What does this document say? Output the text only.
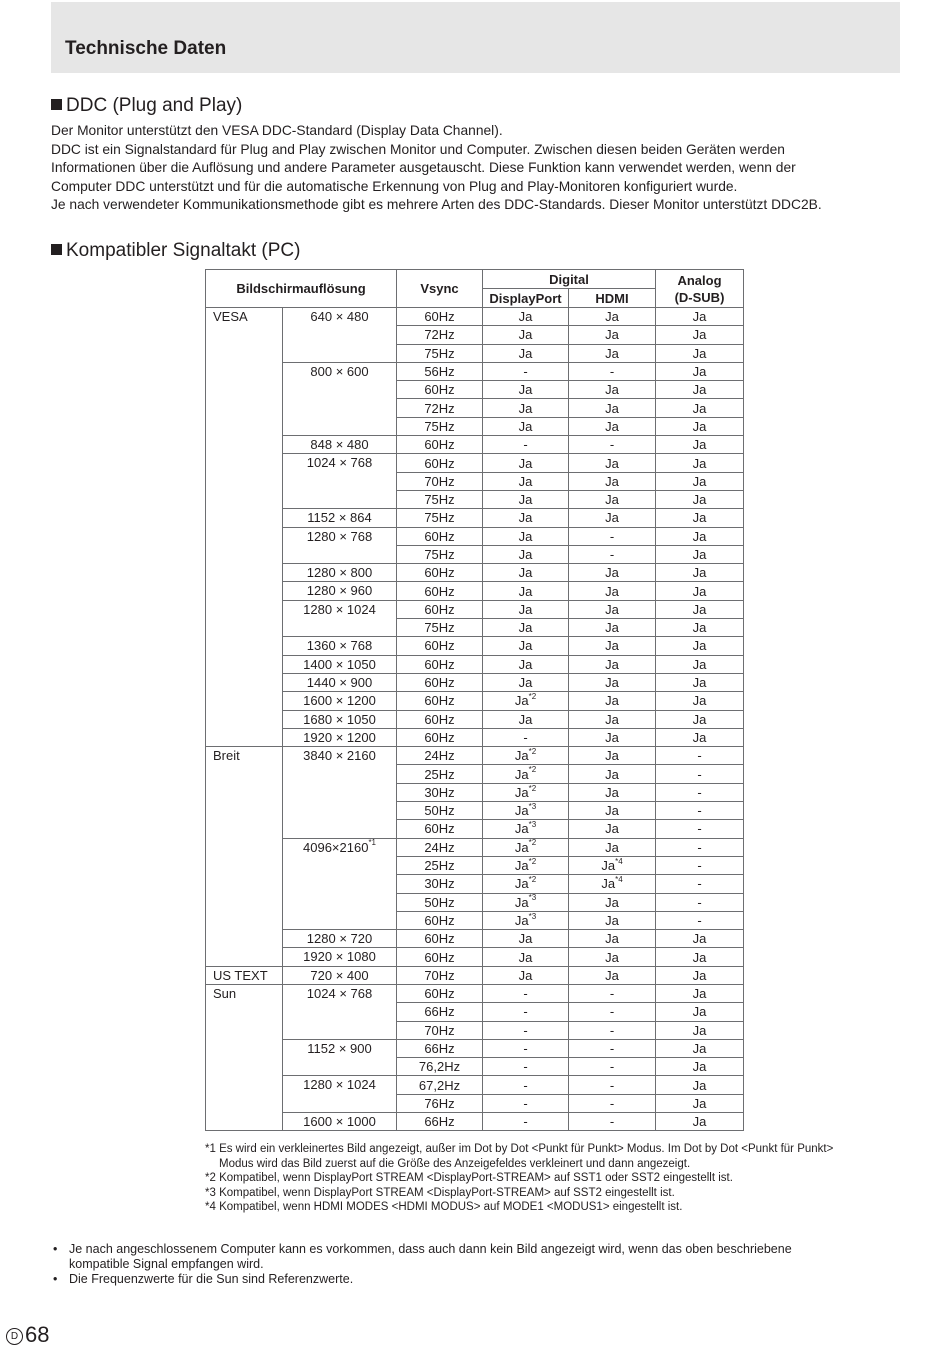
Technische Daten
DDC (Plug and Play)
Der Monitor unterstützt den VESA DDC-Standard (Display Data Channel).
DDC ist ein Signalstandard für Plug and Play zwischen Monitor und Computer. Zwischen diesen beiden Geräten werden
Informationen über die Auflösung und andere Parameter ausgetauscht. Diese Funktion kann verwendet werden, wenn der
Computer DDC unterstützt und für die automatische Erkennung von Plug and Play-Monitoren konfiguriert wurde.
Je nach verwendeter Kommunikationsmethode gibt es mehrere Arten des DDC-Standards. Dieser Monitor unterstützt DDC2B.
Kompatibler Signaltakt (PC)
Bildschirmauflösung		Vsync	Digital		Analog
(D-SUB)
			DisplayPort	HDMI	
VESA	640 × 480	60Hz	Ja	Ja	Ja
		72Hz	Ja	Ja	Ja
		75Hz	Ja	Ja	Ja
	800 × 600	56Hz	-	-	Ja
		60Hz	Ja	Ja	Ja
		72Hz	Ja	Ja	Ja
		75Hz	Ja	Ja	Ja
	848 × 480	60Hz	-	-	Ja
	1024 × 768	60Hz	Ja	Ja	Ja
		70Hz	Ja	Ja	Ja
		75Hz	Ja	Ja	Ja
	1152 × 864	75Hz	Ja	Ja	Ja
	1280 × 768	60Hz	Ja	-	Ja
		75Hz	Ja	-	Ja
	1280 × 800	60Hz	Ja	Ja	Ja
	1280 × 960	60Hz	Ja	Ja	Ja
	1280 × 1024	60Hz	Ja	Ja	Ja
		75Hz	Ja	Ja	Ja
	1360 × 768	60Hz	Ja	Ja	Ja
	1400 × 1050	60Hz	Ja	Ja	Ja
	1440 × 900	60Hz	Ja	Ja	Ja
	1600 × 1200	60Hz	Ja$^{*2}$	Ja	Ja
	1680 × 1050	60Hz	Ja	Ja	Ja
	1920 × 1200	60Hz	-	Ja	Ja
Breit	3840 × 2160	24Hz	Ja$^{*2}$	Ja	-
		25Hz	Ja$^{*2}$	Ja	-
		30Hz	Ja$^{*2}$	Ja	-
		50Hz	Ja$^{*3}$	Ja	-
		60Hz	Ja$^{*3}$	Ja	-
	$4096\times 2160^{*1}$	24Hz	Ja$^{*2}$	Ja	-
		25Hz	Ja$^{*2}$	Ja$^{*4}$	-
		30Hz	Ja$^{*2}$	Ja$^{*4}$	-
		50Hz	Ja$^{*3}$	Ja	-
		60Hz	Ja$^{*3}$	Ja	-
	1280 × 720	60Hz	Ja	Ja	Ja
	1920 × 1080	60Hz	Ja	Ja	Ja
US TEXT	720 × 400	70Hz	Ja	Ja	Ja
Sun	1024 × 768	60Hz	-	-	Ja
		66Hz	-	-	Ja
		70Hz	-	-	Ja
	1152 × 900	66Hz	-	-	Ja
		76,2Hz	-	-	Ja
	1280 × 1024	67,2Hz	-	-	Ja
		76Hz	-	-	Ja
	1600 × 1000	66Hz	-	-	Ja
*1 Es wird ein verkleinertes Bild angezeigt, außer im Dot by Dot <Punkt für Punkt> Modus. Im Dot by Dot <Punkt für Punkt>
Modus wird das Bild zuerst auf die Größe des Anzeigefeldes verkleinert und dann angezeigt.
*2 Kompatibel, wenn DisplayPort STREAM <DisplayPort-STREAM> auf SST1 oder SST2 eingestellt ist.
*3 Kompatibel, wenn DisplayPort STREAM <DisplayPort-STREAM> auf SST2 eingestellt ist.
*4 Kompatibel, wenn HDMI MODES <HDMI MODUS> auf MODE1 <MODUS1> eingestellt ist.
• Je nach angeschlossenem Computer kann es vorkommen, dass auch dann kein Bild angezeigt wird, wenn das oben beschriebene
kompatible Signal empfangen wird.
• Die Frequenzwerte für die Sun sind Referenzwerte.
D 68
